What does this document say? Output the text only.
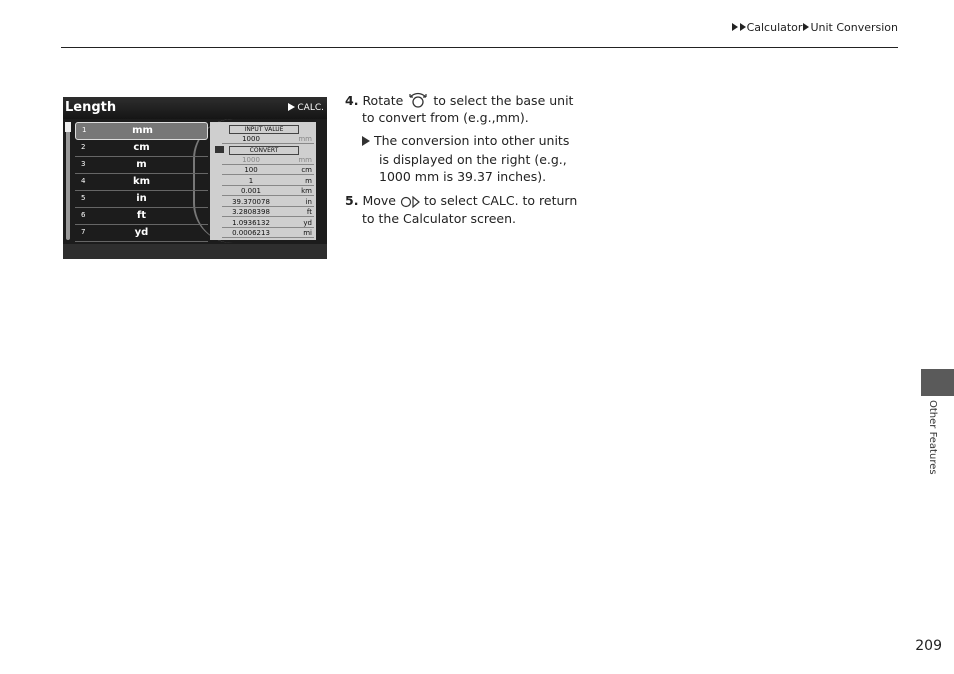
Calculator Unit Conversion
Length	CALC.
1	mm
2	cm
3	m
4	km
5	in
6	ft
7	yd
INPUT VALUE
1000	mm
CONVERT
1000	mm
100	cm
1	m
0.001	km
39.370078	in
3.2808398	ft
1.0936132	yd
0.0006213	mi
4. Rotate to select the base unit
to convert from (e.g.,mm).
The conversion into other units
is displayed on the right (e.g.,
1000 mm is 39.37 inches).
5. Move to select CALC. to return
to the Calculator screen.
Other Features
209
